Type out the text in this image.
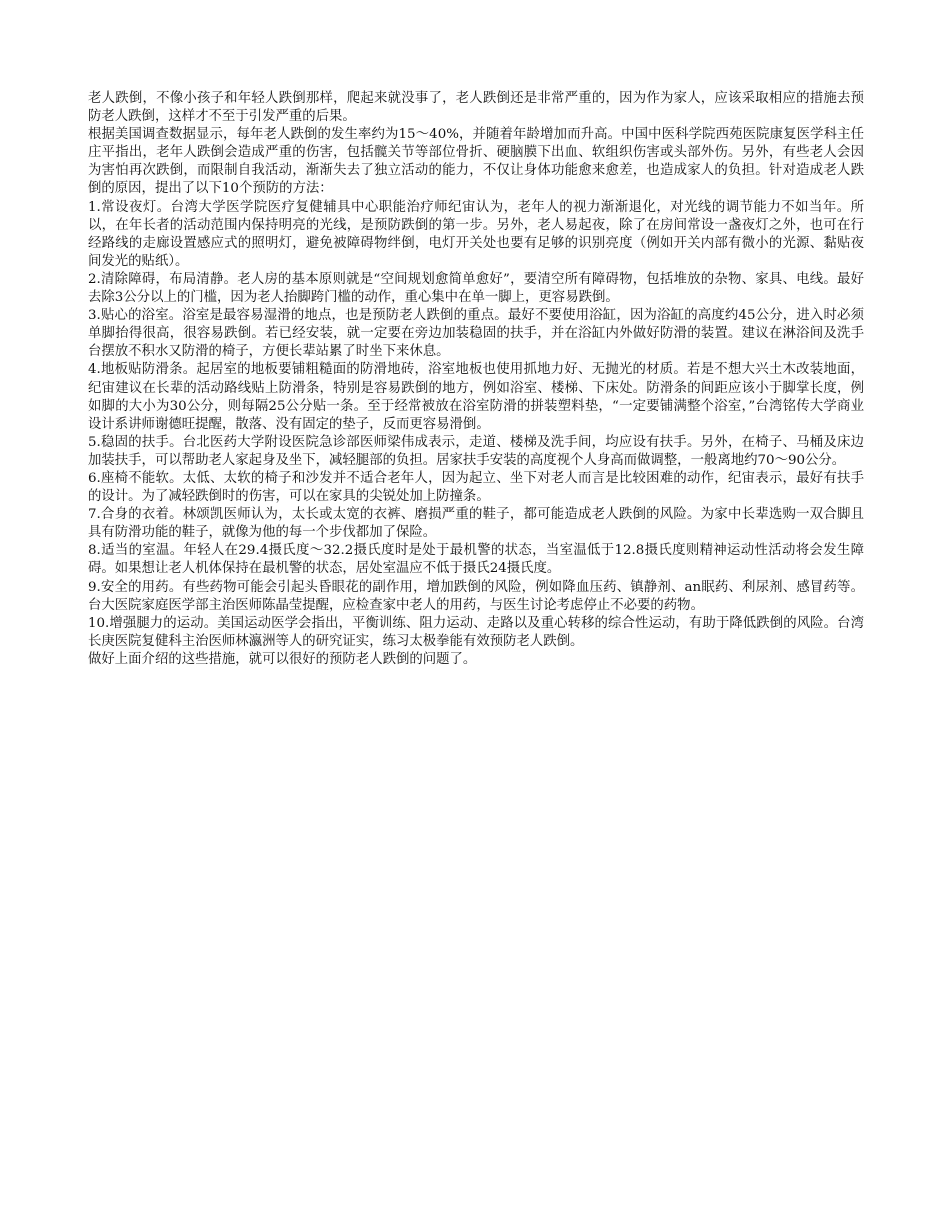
老人跌倒，不像小孩子和年轻人跌倒那样，爬起来就没事了，老人跌倒还是非常严重的，因为作为家人，应该采取相应的措施去预防老人跌倒，这样才不至于引发严重的后果。

根据美国调查数据显示，每年老人跌倒的发生率约为15～40%，并随着年龄增加而升高。中国中医科学院西苑医院康复医学科主任庄平指出，老年人跌倒会造成严重的伤害，包括髋关节等部位骨折、硬脑膜下出血、软组织伤害或头部外伤。另外，有些老人会因为害怕再次跌倒，而限制自我活动，渐渐失去了独立活动的能力，不仅让身体功能愈来愈差，也造成家人的负担。针对造成老人跌倒的原因，提出了以下10个预防的方法：

1.常设夜灯。台湾大学医学院医疗复健辅具中心职能治疗师纪宙认为，老年人的视力渐渐退化，对光线的调节能力不如当年。所以，在年长者的活动范围内保持明亮的光线，是预防跌倒的第一步。另外，老人易起夜，除了在房间常设一盏夜灯之外，也可在行经路线的走廊设置感应式的照明灯，避免被障碍物绊倒，电灯开关处也要有足够的识别亮度（例如开关内部有微小的光源、黏贴夜间发光的贴纸）。

2.清除障碍，布局清静。老人房的基本原则就是“空间规划愈简单愈好”，要清空所有障碍物，包括堆放的杂物、家具、电线。最好去除3公分以上的门槛，因为老人抬脚跨门槛的动作，重心集中在单一脚上，更容易跌倒。

3.贴心的浴室。浴室是最容易湿滑的地点，也是预防老人跌倒的重点。最好不要使用浴缸，因为浴缸的高度约45公分，进入时必须单脚抬得很高，很容易跌倒。若已经安装，就一定要在旁边加装稳固的扶手，并在浴缸内外做好防滑的装置。建议在淋浴间及洗手台摆放不积水又防滑的椅子，方便长辈站累了时坐下来休息。

4.地板贴防滑条。起居室的地板要铺粗糙面的防滑地砖，浴室地板也使用抓地力好、无抛光的材质。若是不想大兴土木改装地面，纪宙建议在长辈的活动路线贴上防滑条，特别是容易跌倒的地方，例如浴室、楼梯、下床处。防滑条的间距应该小于脚掌长度，例如脚的大小为30公分，则每隔25公分贴一条。至于经常被放在浴室防滑的拼装塑料垫，“一定要铺满整个浴室，”台湾铭传大学商业设计系讲师谢德旺提醒，散落、没有固定的垫子，反而更容易滑倒。

5.稳固的扶手。台北医药大学附设医院急诊部医师梁伟成表示，走道、楼梯及洗手间，均应设有扶手。另外，在椅子、马桶及床边加装扶手，可以帮助老人家起身及坐下，减轻腿部的负担。居家扶手安装的高度视个人身高而做调整，一般离地约70～90公分。

6.座椅不能软。太低、太软的椅子和沙发并不适合老年人，因为起立、坐下对老人而言是比较困难的动作，纪宙表示，最好有扶手的设计。为了减轻跌倒时的伤害，可以在家具的尖锐处加上防撞条。

7.合身的衣着。林颂凯医师认为，太长或太宽的衣裤、磨损严重的鞋子，都可能造成老人跌倒的风险。为家中长辈选购一双合脚且具有防滑功能的鞋子，就像为他的每一个步伐都加了保险。

8.适当的室温。年轻人在29.4摄氏度～32.2摄氏度时是处于最机警的状态，当室温低于12.8摄氏度则精神运动性活动将会发生障碍。如果想让老人机体保持在最机警的状态，居处室温应不低于摄氏24摄氏度。

9.安全的用药。有些药物可能会引起头昏眼花的副作用，增加跌倒的风险，例如降血压药、镇静剂、an眠药、利尿剂、感冒药等。台大医院家庭医学部主治医师陈晶莹提醒，应检查家中老人的用药，与医生讨论考虑停止不必要的药物。

10.增强腿力的运动。美国运动医学会指出，平衡训练、阻力运动、走路以及重心转移的综合性运动，有助于降低跌倒的风险。台湾长庚医院复健科主治医师林瀛洲等人的研究证实，练习太极拳能有效预防老人跌倒。

做好上面介绍的这些措施，就可以很好的预防老人跌倒的问题了。
